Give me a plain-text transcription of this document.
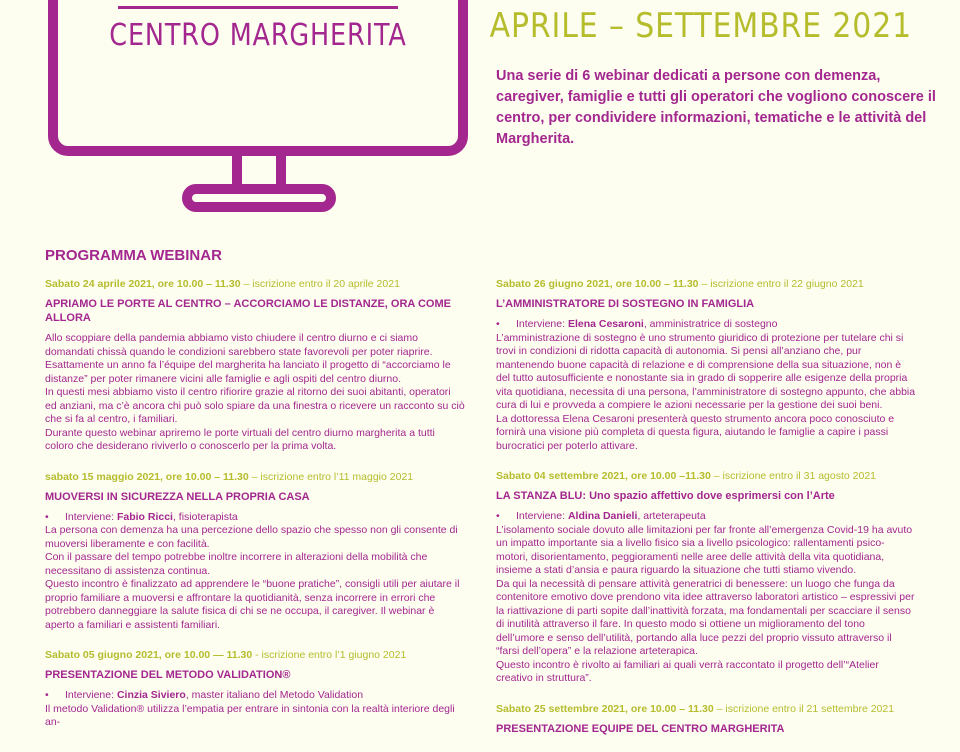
CENTRO MARGHERITA	APRILE – SETTEMBRE 2021
Una serie di 6 webinar dedicati a persone con demenza, caregiver, famiglie e tutti gli operatori che vogliono conoscere il centro, per condividere informazioni, tematiche e le attività del Margherita.
PROGRAMMA WEBINAR
Sabato 24 aprile 2021, ore 10.00 – 11.30 – iscrizione entro il 20 aprile 2021
APRIAMO LE PORTE AL CENTRO – ACCORCIAMO LE DISTANZE, ORA COME ALLORA

Allo scoppiare della pandemia abbiamo visto chiudere il centro diurno e ci siamo domandati chissà quando le condizioni sarebbero state favorevoli per poter riaprire.

Esattamente un anno fa l’équipe del margherita ha lanciato il progetto di “accorciamo le distanze” per poter rimanere vicini alle famiglie e agli ospiti del centro diurno.

In questi mesi abbiamo visto il centro rifiorire grazie al ritorno dei suoi abitanti, operatori ed anziani, ma c’è ancora chi può solo spiare da una finestra o ricevere un racconto su ciò che si fa al centro, i familiari.

Durante questo webinar apriremo le porte virtuali del centro diurno margherita a tutti coloro che desiderano riviverlo o conoscerlo per la prima volta.

sabato 15 maggio 2021, ore 10.00 – 11.30 – iscrizione entro l’11 maggio 2021
MUOVERSI IN SICUREZZA NELLA PROPRIA CASA
• Interviene: Fabio Ricci, fisioterapista

La persona con demenza ha una percezione dello spazio che spesso non gli consente di muoversi liberamente e con facilità.

Con il passare del tempo potrebbe inoltre incorrere in alterazioni della mobilità che necessitano di assistenza continua.

Questo incontro è finalizzato ad apprendere le “buone pratiche”, consigli utili per aiutare il proprio familiare a muoversi e affrontare la quotidianità, senza incorrere in errori che potrebbero danneggiare la salute fisica di chi se ne occupa, il caregiver. Il webinar è aperto a familiari e assistenti familiari.

Sabato 05 giugno 2021, ore 10.00 — 11.30 - iscrizione entro l’1 giugno 2021
PRESENTAZIONE DEL METODO VALIDATION®
• Interviene: Cinzia Siviero, master italiano del Metodo Validation

Il metodo Validation® utilizza l’empatia per entrare in sintonia con la realtà interiore degli an-

Sabato 26 giugno 2021, ore 10.00 – 11.30 – iscrizione entro il 22 giugno 2021
L’AMMINISTRATORE DI SOSTEGNO IN FAMIGLIA
• Interviene: Elena Cesaroni, amministratrice di sostegno

L’amministrazione di sostegno è uno strumento giuridico di protezione per tutelare chi si trovi in condizioni di ridotta capacità di autonomia. Si pensi all’anziano che, pur mantenendo buone capacità di relazione e di comprensione della sua situazione, non è del tutto autosufficiente e nonostante sia in grado di sopperire alle esigenze della propria vita quotidiana, necessita di una persona, l’amministratore di sostegno appunto, che abbia cura di lui e provveda a compiere le azioni necessarie per la gestione dei suoi beni.

La dottoressa Elena Cesaroni presenterà questo strumento ancora poco conosciuto e fornirà una visione più completa di questa figura, aiutando le famiglie a capire i passi burocratici per poterlo attivare.

Sabato 04 settembre 2021, ore 10.00 –11.30 – iscrizione entro il 31 agosto 2021
LA STANZA BLU: Uno spazio affettivo dove esprimersi con l’Arte
• Interviene: Aldina Danieli, arteterapeuta

L’isolamento sociale dovuto alle limitazioni per far fronte all’emergenza Covid-19 ha avuto un impatto importante sia a livello fisico sia a livello psicologico: rallentamenti psico-motori, disorientamento, peggioramenti nelle aree delle attività della vita quotidiana, insieme a stati d’ansia e paura riguardo la situazione che tutti stiamo vivendo.

Da qui la necessità di pensare attività generatrici di benessere: un luogo che funga da contenitore emotivo dove prendono vita idee attraverso laboratori artistico – espressivi per la riattivazione di parti sopite dall’inattività forzata, ma fondamentali per scacciare il senso di inutilità attraverso il fare. In questo modo si ottiene un miglioramento del tono dell’umore e senso dell’utilità, portando alla luce pezzi del proprio vissuto attraverso il “farsi dell’opera” e la relazione arteterapica.

Questo incontro è rivolto ai familiari ai quali verrà raccontato il progetto dell’“Atelier creativo in struttura”.

Sabato 25 settembre 2021, ore 10.00 – 11.30 – iscrizione entro il 21 settembre 2021
PRESENTAZIONE EQUIPE DEL CENTRO MARGHERITA
